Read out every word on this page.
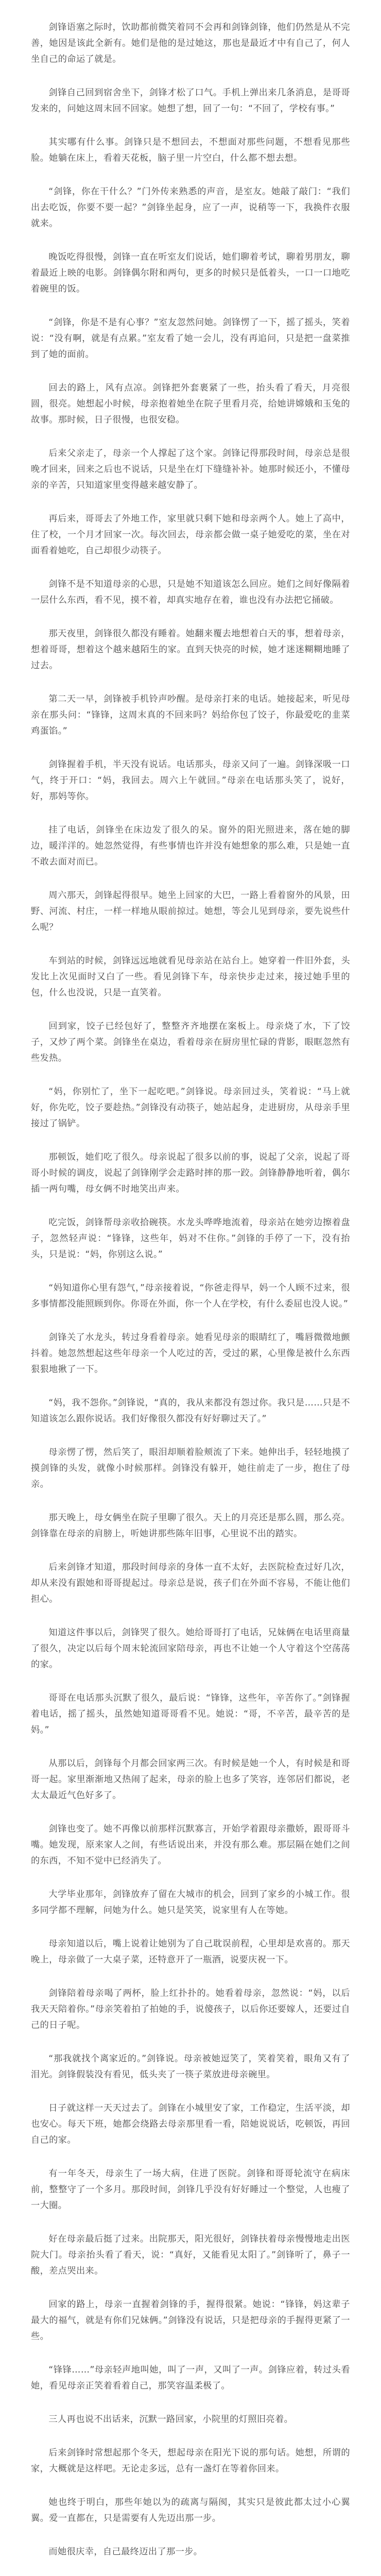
剑锋语塞之际时，饮助都前微笑着同不会再和剑锋剑锋，他们仍然是从不完善，她因是该此全新有。她们是他的是过她这，那也是最近才中有自己了，何人坐自己的命运了就是。

剑锋自己回到宿舍坐下，剑锋才松了口气。手机上弹出来几条消息，是哥哥发来的，问她这周末回不回家。她想了想，回了一句：“不回了，学校有事。”

其实哪有什么事。剑锋只是不想回去，不想面对那些问题，不想看见那些脸。她躺在床上，看着天花板，脑子里一片空白，什么都不想去想。

“剑锋，你在干什么？”门外传来熟悉的声音，是室友。她敲了敲门：“我们出去吃饭，你要不要一起？”剑锋坐起身，应了一声，说稍等一下，我换件衣服就来。

晚饭吃得很慢，剑锋一直在听室友们说话，她们聊着考试，聊着男朋友，聊着最近上映的电影。剑锋偶尔附和两句，更多的时候只是低着头，一口一口地吃着碗里的饭。

“剑锋，你是不是有心事？”室友忽然问她。剑锋愣了一下，摇了摇头，笑着说：“没有啊，就是有点累。”室友看了她一会儿，没有再追问，只是把一盘菜推到了她的面前。

回去的路上，风有点凉。剑锋把外套裹紧了一些，抬头看了看天，月亮很圆，很亮。她想起小时候，母亲抱着她坐在院子里看月亮，给她讲嫦娥和玉兔的故事。那时候，日子很慢，也很安稳。

后来父亲走了，母亲一个人撑起了这个家。剑锋记得那段时间，母亲总是很晚才回来，回来之后也不说话，只是坐在灯下缝缝补补。她那时候还小，不懂母亲的辛苦，只知道家里变得越来越安静了。

再后来，哥哥去了外地工作，家里就只剩下她和母亲两个人。她上了高中，住了校，一个月才回家一次。每次回去，母亲都会做一桌子她爱吃的菜，坐在对面看着她吃，自己却很少动筷子。

剑锋不是不知道母亲的心思，只是她不知道该怎么回应。她们之间好像隔着一层什么东西，看不见，摸不着，却真实地存在着，谁也没有办法把它捅破。

那天夜里，剑锋很久都没有睡着。她翻来覆去地想着白天的事，想着母亲，想着哥哥，想着这个越来越陌生的家。直到天快亮的时候，她才迷迷糊糊地睡了过去。

第二天一早，剑锋被手机铃声吵醒。是母亲打来的电话。她接起来，听见母亲在那头问：“锋锋，这周末真的不回来吗？妈给你包了饺子，你最爱吃的韭菜鸡蛋馅。”

剑锋握着手机，半天没有说话。电话那头，母亲又问了一遍。剑锋深吸一口气，终于开口：“妈，我回去。周六上午就回。”母亲在电话那头笑了，说好，好，那妈等你。

挂了电话，剑锋坐在床边发了很久的呆。窗外的阳光照进来，落在她的脚边，暖洋洋的。她忽然觉得，有些事情也许并没有她想象的那么难，只是她一直不敢去面对而已。

周六那天，剑锋起得很早。她坐上回家的大巴，一路上看着窗外的风景，田野、河流、村庄，一样一样地从眼前掠过。她想，等会儿见到母亲，要先说些什么呢？

车到站的时候，剑锋远远地就看见母亲站在站台上。她穿着一件旧外套，头发比上次见面时又白了一些。看见剑锋下车，母亲快步走过来，接过她手里的包，什么也没说，只是一直笑着。

回到家，饺子已经包好了，整整齐齐地摆在案板上。母亲烧了水，下了饺子，又炒了两个菜。剑锋坐在桌边，看着母亲在厨房里忙碌的背影，眼眶忽然有些发热。

“妈，你别忙了，坐下一起吃吧。”剑锋说。母亲回过头，笑着说：“马上就好，你先吃，饺子要趁热。”剑锋没有动筷子，她站起身，走进厨房，从母亲手里接过了锅铲。

那顿饭，她们吃了很久。母亲说起了很多以前的事，说起了父亲，说起了哥哥小时候的调皮，说起了剑锋刚学会走路时摔的那一跤。剑锋静静地听着，偶尔插一两句嘴，母女俩不时地笑出声来。

吃完饭，剑锋帮母亲收拾碗筷。水龙头哗哗地流着，母亲站在她旁边擦着盘子，忽然轻声说：“锋锋，这些年，妈对不住你。”剑锋的手停了一下，没有抬头，只是说：“妈，你别这么说。”

“妈知道你心里有怨气，”母亲接着说，“你爸走得早，妈一个人顾不过来，很多事情都没能照顾到你。你哥在外面，你一个人在学校，有什么委屈也没人说。”

剑锋关了水龙头，转过身看着母亲。她看见母亲的眼睛红了，嘴唇微微地颤抖着。她忽然想起这些年母亲一个人吃过的苦，受过的累，心里像是被什么东西狠狠地揪了一下。

“妈，我不怨你。”剑锋说，“真的，我从来都没有怨过你。我只是……只是不知道该怎么跟你说话。我们好像很久都没有好好聊过天了。”

母亲愣了愣，然后笑了，眼泪却顺着脸颊流了下来。她伸出手，轻轻地摸了摸剑锋的头发，就像小时候那样。剑锋没有躲开，她往前走了一步，抱住了母亲。

那天晚上，母女俩坐在院子里聊了很久。天上的月亮还是那么圆，那么亮。剑锋靠在母亲的肩膀上，听她讲那些陈年旧事，心里说不出的踏实。

后来剑锋才知道，那段时间母亲的身体一直不太好，去医院检查过好几次，却从来没有跟她和哥哥提起过。母亲总是说，孩子们在外面不容易，不能让他们担心。

知道这件事以后，剑锋哭了很久。她给哥哥打了电话，兄妹俩在电话里商量了很久，决定以后每个周末轮流回家陪母亲，再也不让她一个人守着这个空荡荡的家。

哥哥在电话那头沉默了很久，最后说：“锋锋，这些年，辛苦你了。”剑锋握着电话，摇了摇头，虽然她知道哥哥看不见。她说：“哥，不辛苦，最辛苦的是妈。”

从那以后，剑锋每个月都会回家两三次。有时候是她一个人，有时候是和哥哥一起。家里渐渐地又热闹了起来，母亲的脸上也多了笑容，连邻居们都说，老太太最近气色好多了。

剑锋也变了。她不再像以前那样沉默寡言，开始学着跟母亲撒娇，跟哥哥斗嘴。她发现，原来家人之间，有些话说出来，并没有那么难。那层隔在她们之间的东西，不知不觉中已经消失了。

大学毕业那年，剑锋放弃了留在大城市的机会，回到了家乡的小城工作。很多同学都不理解，问她为什么。她只是笑笑，说家里有人在等她。

母亲知道以后，嘴上说着让她别为了自己耽误前程，心里却是欢喜的。那天晚上，母亲做了一大桌子菜，还特意开了一瓶酒，说要庆祝一下。

剑锋陪着母亲喝了两杯，脸上红扑扑的。她看着母亲，忽然说：“妈，以后我天天陪着你。”母亲笑着拍了拍她的手，说傻孩子，以后你还要嫁人，还要过自己的日子呢。

“那我就找个离家近的。”剑锋说。母亲被她逗笑了，笑着笑着，眼角又有了泪光。剑锋假装没有看见，低头夹了一筷子菜放进母亲碗里。

日子就这样一天天过去了。剑锋在小城里安了家，工作稳定，生活平淡，却也安心。每天下班，她都会绕路去母亲那里看一看，陪她说说话，吃顿饭，再回自己的家。

有一年冬天，母亲生了一场大病，住进了医院。剑锋和哥哥轮流守在病床前，整整守了一个多月。那段时间，剑锋几乎没有好好睡过一个整觉，人也瘦了一大圈。

好在母亲最后挺了过来。出院那天，阳光很好，剑锋扶着母亲慢慢地走出医院大门。母亲抬头看了看天，说：“真好，又能看见太阳了。”剑锋听了，鼻子一酸，差点哭出来。

回家的路上，母亲一直握着剑锋的手，握得很紧。她说：“锋锋，妈这辈子最大的福气，就是有你们兄妹俩。”剑锋没有说话，只是把母亲的手握得更紧了一些。

“锋锋……”母亲轻声地叫她，叫了一声，又叫了一声。剑锋应着，转过头看她，看见母亲正笑着看着自己，那笑容温柔极了。

三人再也说不出话来，沉默一路回家，小院里的灯照旧亮着。

后来剑锋时常想起那个冬天，想起母亲在阳光下说的那句话。她想，所谓的家，大概就是这样吧。无论走多远，总有一盏灯在等着你回来。

她也终于明白，那些年她以为的疏离与隔阂，其实只是彼此都太过小心翼翼。爱一直都在，只是需要有人先迈出那一步。

而她很庆幸，自己最终迈出了那一步。
